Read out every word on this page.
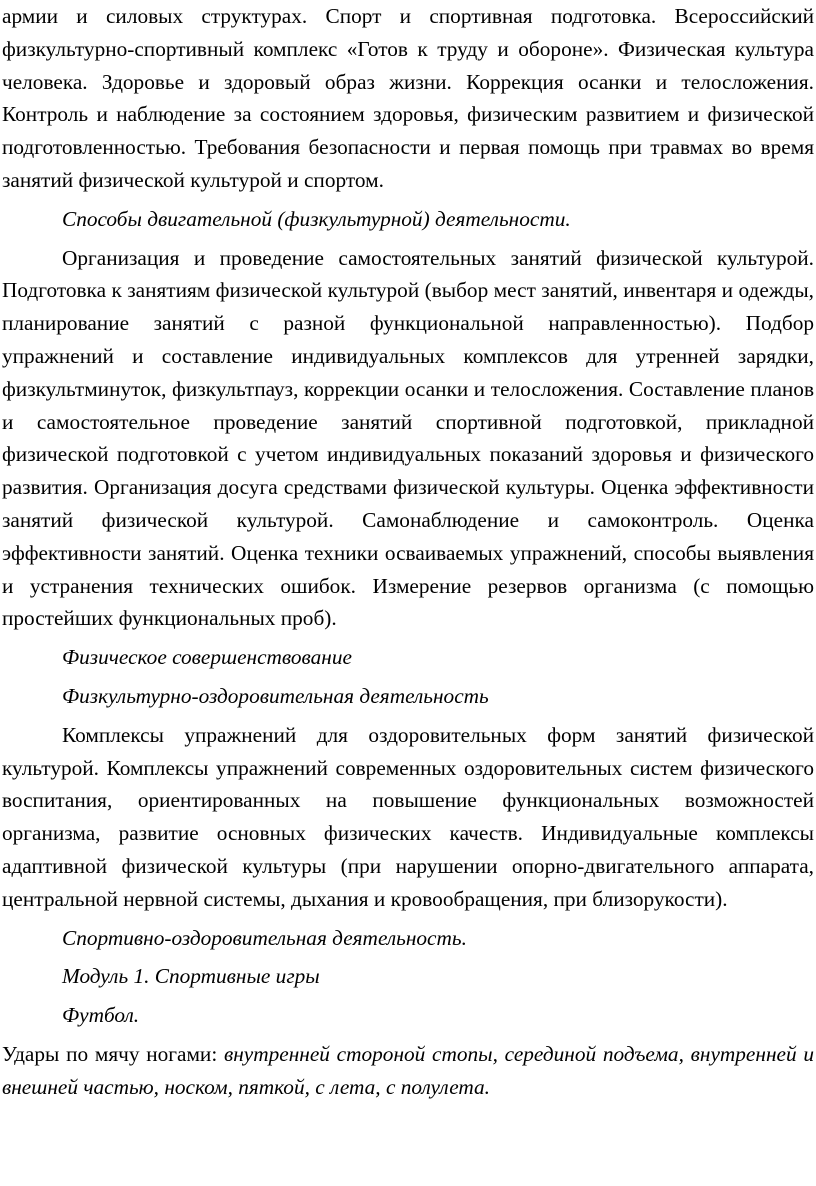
армии и силовых структурах. Спорт и спортивная подготовка. Всероссийский физкультурно-спортивный комплекс «Готов к труду и обороне». Физическая культура человека. Здоровье и здоровый образ жизни. Коррекция осанки и телосложения. Контроль и наблюдение за состоянием здоровья, физическим развитием и физической подготовленностью. Требования безопасности и первая помощь при травмах во время занятий физической культурой и спортом.

Способы двигательной (физкультурной) деятельности.

Организация и проведение самостоятельных занятий физической культурой. Подготовка к занятиям физической культурой (выбор мест занятий, инвентаря и одежды, планирование занятий с разной функциональной направленностью). Подбор упражнений и составление индивидуальных комплексов для утренней зарядки, физкультминуток, физкультпауз, коррекции осанки и телосложения. Составление планов и самостоятельное проведение занятий спортивной подготовкой, прикладной физической подготовкой с учетом индивидуальных показаний здоровья и физического развития. Организация досуга средствами физической культуры. Оценка эффективности занятий физической культурой. Самонаблюдение и самоконтроль. Оценка эффективности занятий. Оценка техники осваиваемых упражнений, способы выявления и устранения технических ошибок. Измерение резервов организма (с помощью простейших функциональных проб).

Физическое совершенствование

Физкультурно-оздоровительная деятельность

Комплексы упражнений для оздоровительных форм занятий физической культурой. Комплексы упражнений современных оздоровительных систем физического воспитания, ориентированных на повышение функциональных возможностей организма, развитие основных физических качеств. Индивидуальные комплексы адаптивной физической культуры (при нарушении опорно-двигательного аппарата, центральной нервной системы, дыхания и кровообращения, при близорукости).

Спортивно-оздоровительная деятельность.

Модуль 1. Спортивные игры

Футбол.

Удары по мячу ногами: внутренней стороной стопы, серединой подъема, внутренней и внешней частью, носком, пяткой, с лета, с полулета.
